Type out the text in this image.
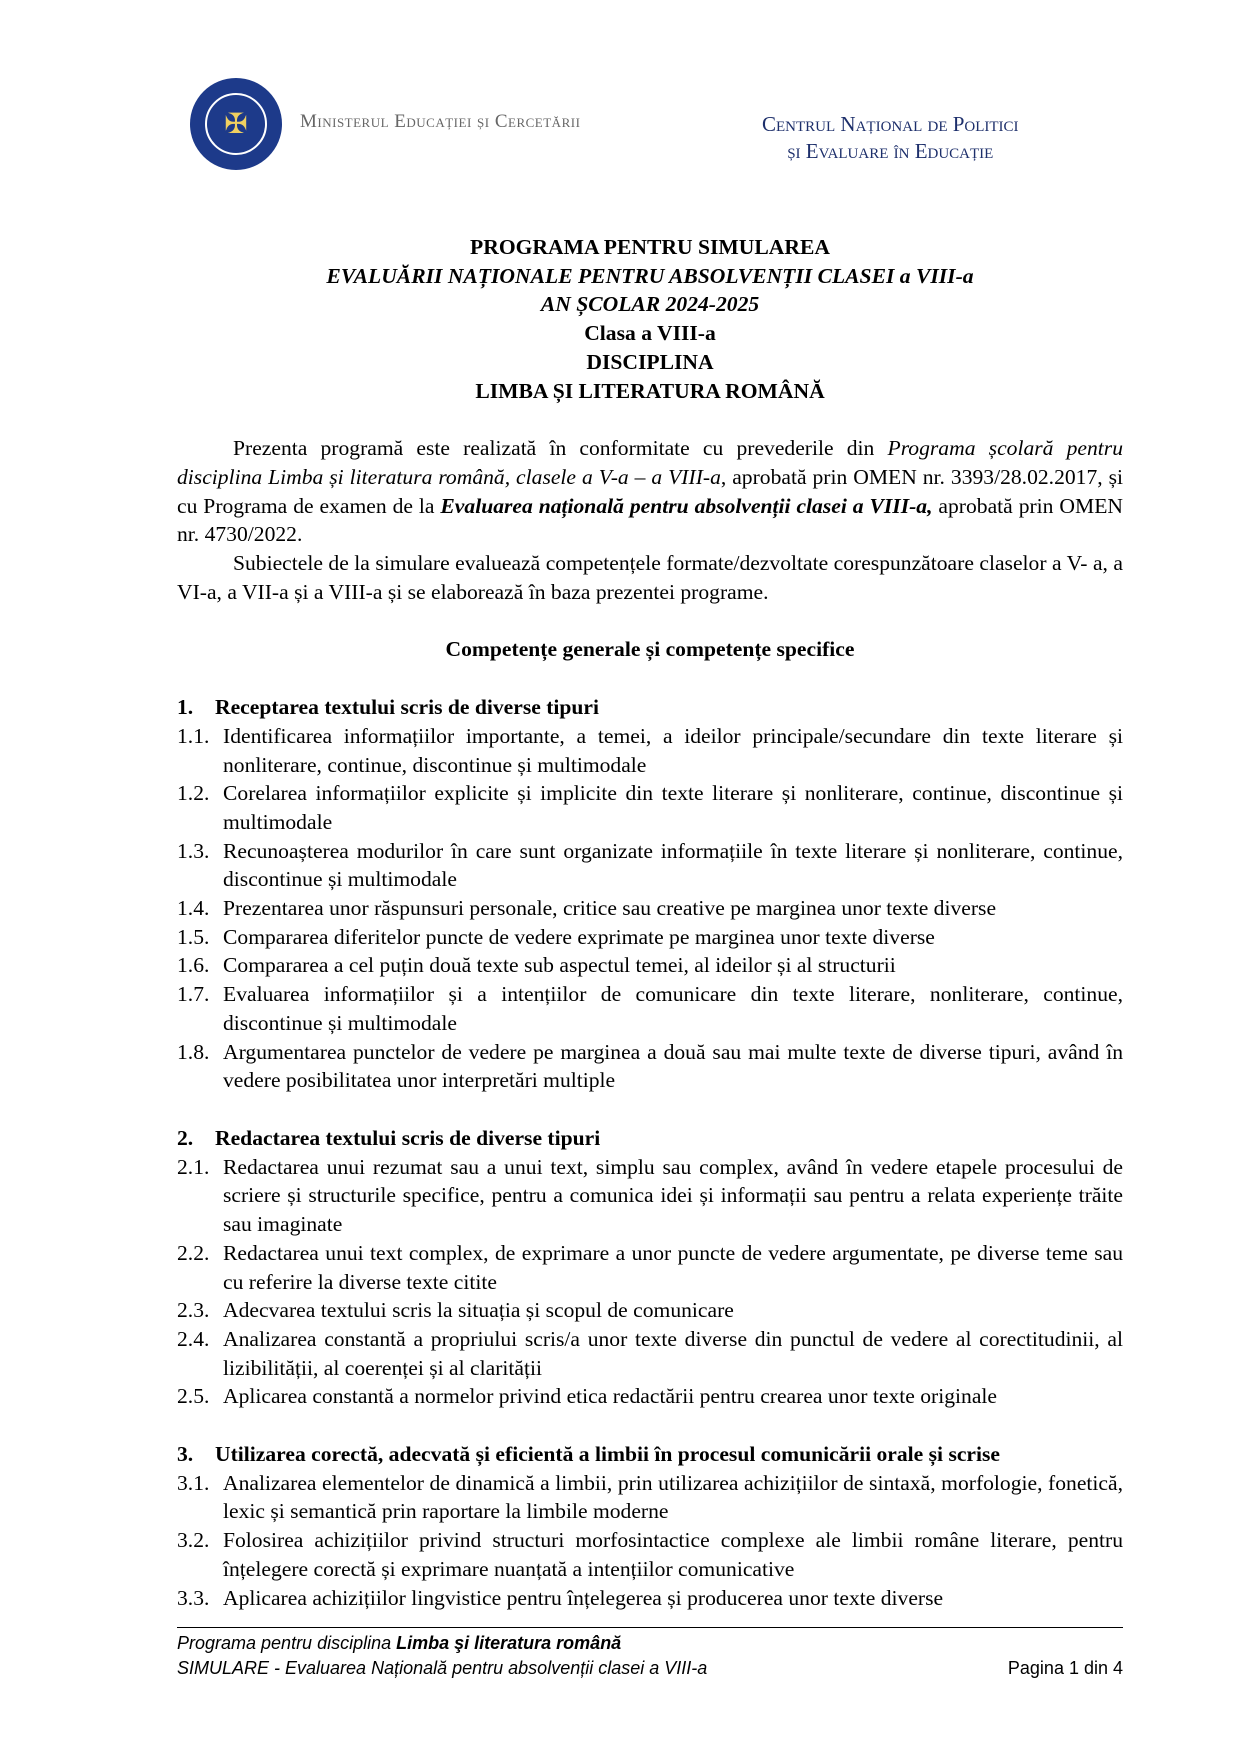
✠	Ministerul Educației și Cercetării	Centrul Național de Politici
și Evaluare în Educație
PROGRAMA PENTRU SIMULAREA
EVALUĂRII NAȚIONALE PENTRU ABSOLVENȚII CLASEI a VIII-a
AN ȘCOLAR 2024-2025
Clasa a VIII-a
DISCIPLINA
LIMBA ȘI LITERATURA ROMÂNĂ

Prezenta programă este realizată în conformitate cu prevederile din Programa școlară pentru disciplina Limba și literatura română, clasele a V-a – a VIII-a, aprobată prin OMEN nr. 3393/28.02.2017, și cu Programa de examen de la Evaluarea națională pentru absolvenții clasei a VIII-a, aprobată prin OMEN nr. 4730/2022.

Subiectele de la simulare evaluează competențele formate/dezvoltate corespunzătoare claselor a V- a, a VI-a, a VII-a și a VIII-a și se elaborează în baza prezentei programe.

Competențe generale și competențe specifice
1.	Receptarea textului scris de diverse tipuri
1.1. Identificarea informațiilor importante, a temei, a ideilor principale/secundare din texte literare și nonliterare, continue, discontinue și multimodale
1.2. Corelarea informațiilor explicite și implicite din texte literare și nonliterare, continue, discontinue și multimodale
1.3. Recunoașterea modurilor în care sunt organizate informațiile în texte literare și nonliterare, continue, discontinue și multimodale
1.4. Prezentarea unor răspunsuri personale, critice sau creative pe marginea unor texte diverse
1.5. Compararea diferitelor puncte de vedere exprimate pe marginea unor texte diverse
1.6. Compararea a cel puțin două texte sub aspectul temei, al ideilor și al structurii
1.7. Evaluarea informațiilor și a intențiilor de comunicare din texte literare, nonliterare, continue, discontinue și multimodale
1.8. Argumentarea punctelor de vedere pe marginea a două sau mai multe texte de diverse tipuri, având în vedere posibilitatea unor interpretări multiple
2.	Redactarea textului scris de diverse tipuri
2.1. Redactarea unui rezumat sau a unui text, simplu sau complex, având în vedere etapele procesului de scriere și structurile specifice, pentru a comunica idei și informații sau pentru a relata experiențe trăite sau imaginate
2.2. Redactarea unui text complex, de exprimare a unor puncte de vedere argumentate, pe diverse teme sau cu referire la diverse texte citite
2.3. Adecvarea textului scris la situația și scopul de comunicare
2.4. Analizarea constantă a propriului scris/a unor texte diverse din punctul de vedere al corectitudinii, al lizibilității, al coerenței și al clarității
2.5. Aplicarea constantă a normelor privind etica redactării pentru crearea unor texte originale
3.	Utilizarea corectă, adecvată și eficientă a limbii în procesul comunicării orale și scrise
3.1. Analizarea elementelor de dinamică a limbii, prin utilizarea achizițiilor de sintaxă, morfologie, fonetică, lexic și semantică prin raportare la limbile moderne
3.2. Folosirea achizițiilor privind structuri morfosintactice complexe ale limbii române literare, pentru înțelegere corectă și exprimare nuanțată a intențiilor comunicative
3.3. Aplicarea achizițiilor lingvistice pentru înțelegerea și producerea unor texte diverse
Programa pentru disciplina Limba şi literatura română
SIMULARE - Evaluarea Națională pentru absolvenții clasei a VIII-a	Pagina 1 din 4
